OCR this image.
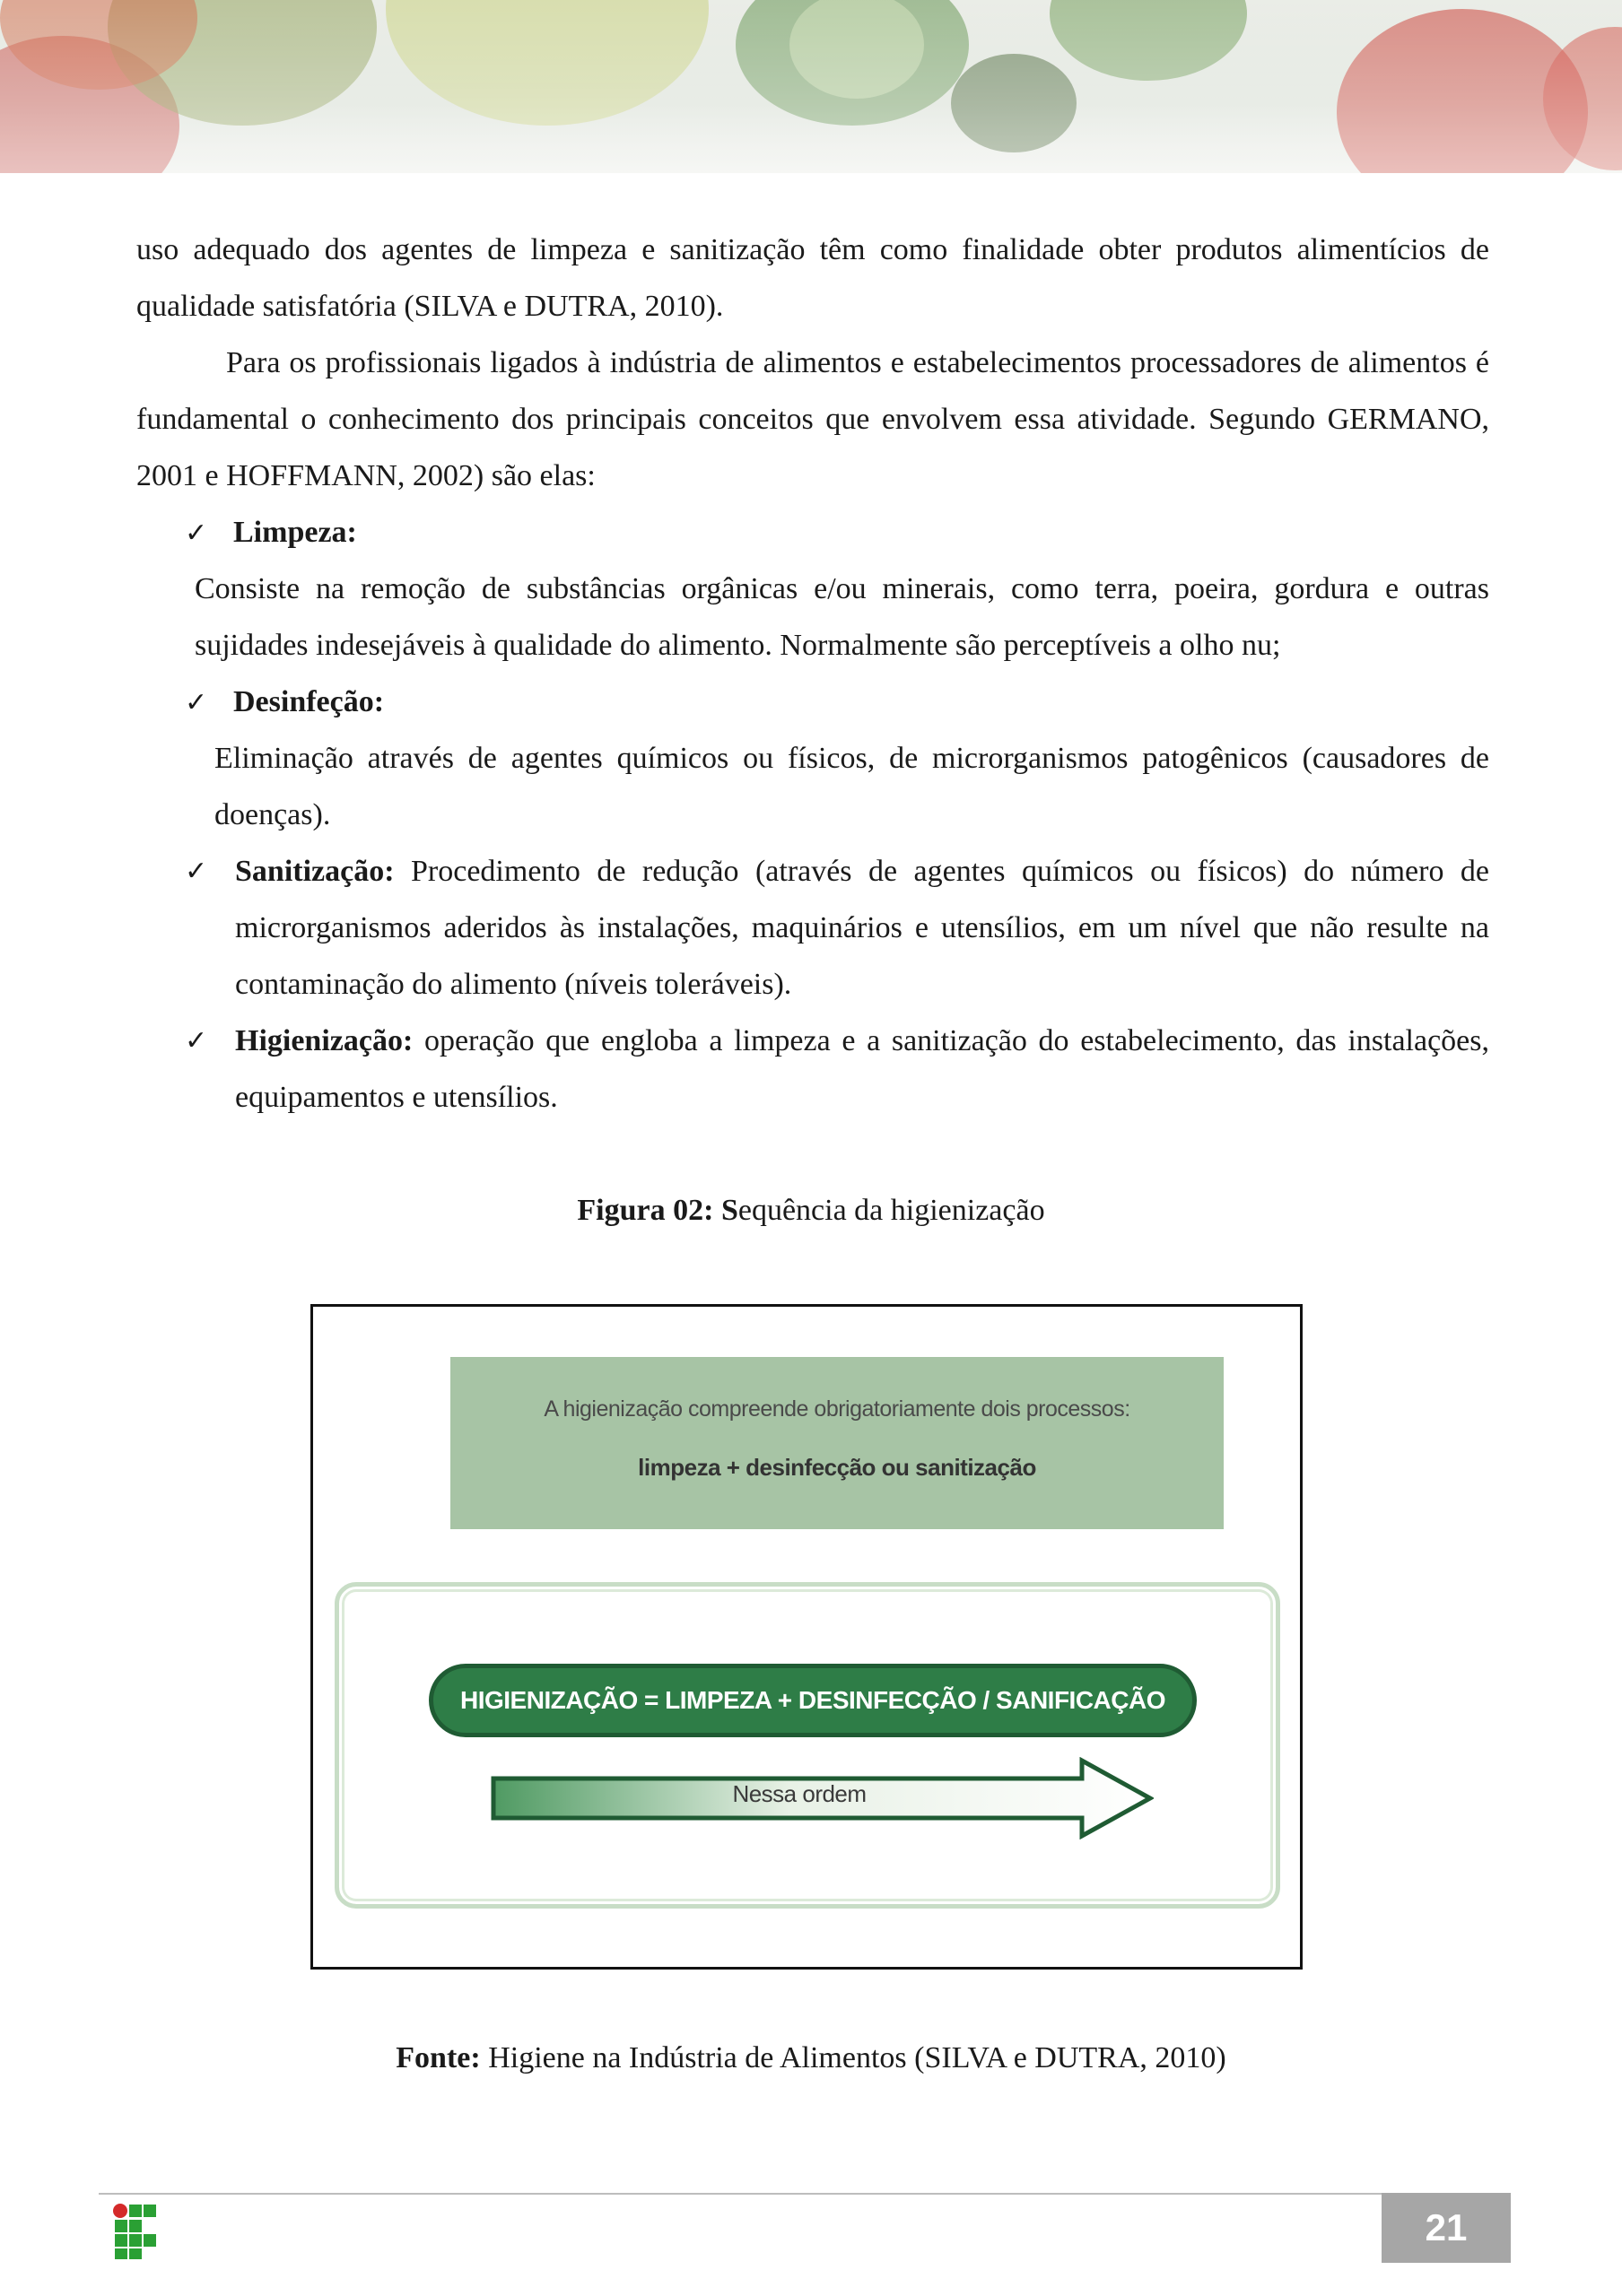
uso adequado dos agentes de limpeza e sanitização têm como finalidade obter produtos alimentícios de qualidade satisfatória (SILVA e DUTRA, 2010).

Para os profissionais ligados à indústria de alimentos e estabelecimentos processadores de alimentos é fundamental o conhecimento dos principais conceitos que envolvem essa atividade. Segundo GERMANO, 2001 e HOFFMANN, 2002) são elas:

✓ Limpeza:

Consiste na remoção de substâncias orgânicas e/ou minerais, como terra, poeira, gordura e outras sujidades indesejáveis à qualidade do alimento. Normalmente são perceptíveis a olho nu;

✓ Desinfeção:

Eliminação através de agentes químicos ou físicos, de microrganismos patogênicos (causadores de doenças).

✓ Sanitização: Procedimento de redução (através de agentes químicos ou físicos) do número de microrganismos aderidos às instalações, maquinários e utensílios, em um nível que não resulte na contaminação do alimento (níveis toleráveis).

✓ Higienização: operação que engloba a limpeza e a sanitização do estabelecimento, das instalações, equipamentos e utensílios.

Figura 02: Sequência da higienização

A higienização compreende obrigatoriamente dois processos:
limpeza + desinfecção ou sanitização
HIGIENIZAÇÃO = LIMPEZA + DESINFECÇÃO / SANIFICAÇÃO
Nessa ordem

Fonte: Higiene na Indústria de Alimentos (SILVA e DUTRA, 2010)

21
